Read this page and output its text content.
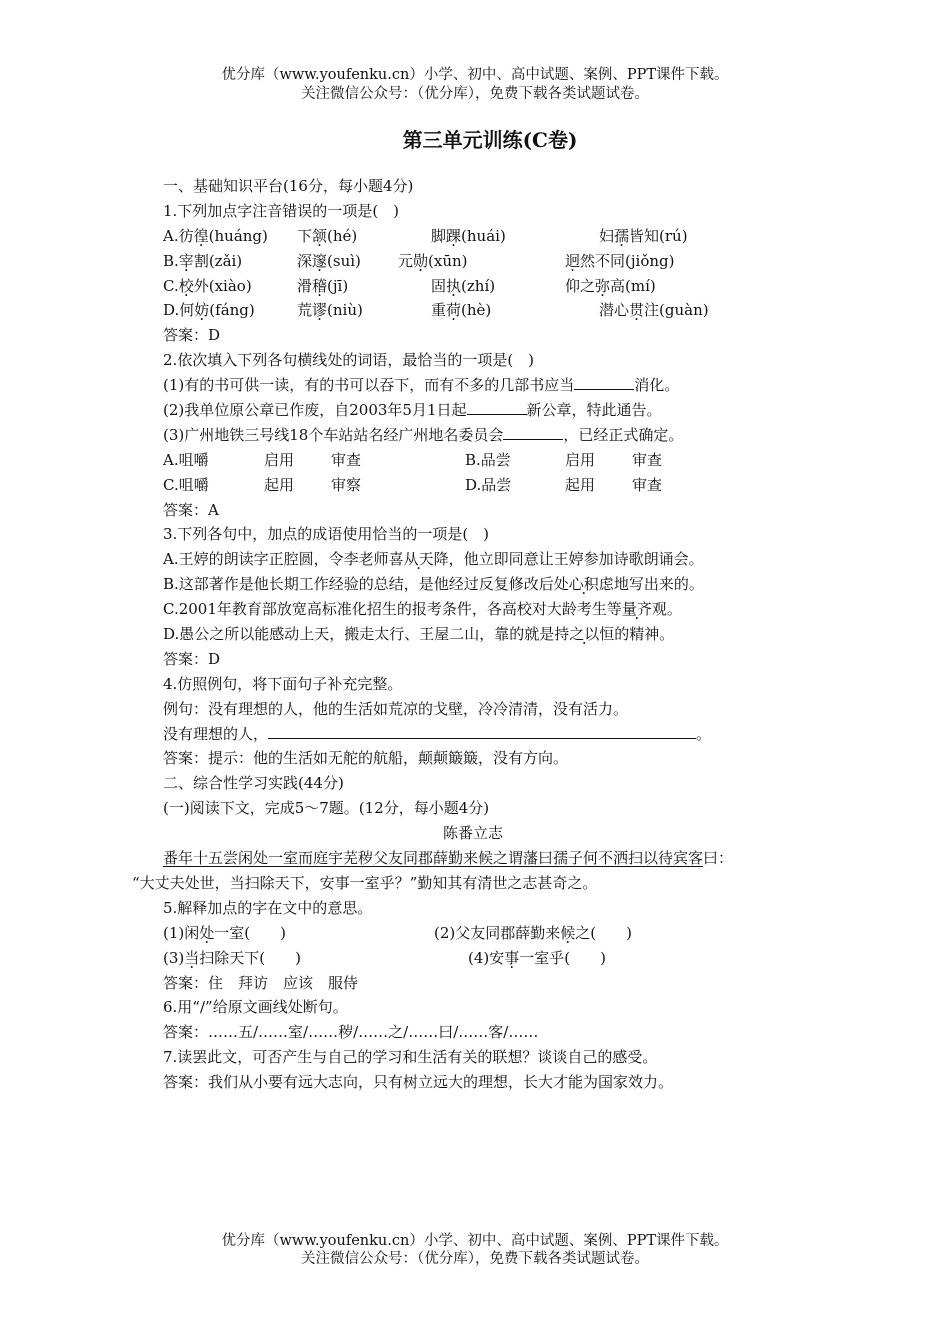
优分库（www.youfenku.cn）小学、初中、高中试题、案例、PPT课件下载。
关注微信公众号：（优分库），免费下载各类试题试卷。
第三单元训练(C卷)
一、基础知识平台(16分，每小题4分)
1.下列加点字注音错误的一项是(　)
A.彷徨(huáng) 下颔(hé)	脚踝(huái)	妇孺皆知(rú)
B.宰割(zǎi)	深邃(suì) 元勋(xūn)	迥然不同(jiǒng)
C.校外(xiào)	滑稽(jī)	固执(zhí)	仰之弥高(mí)
D.何妨(fáng)	荒谬(niù)	重荷(hè)	潜心贯注(guàn)
答案：D
2.依次填入下列各句横线处的词语，最恰当的一项是(　)
(1)有的书可供一读，有的书可以吞下，而有不多的几部书应当	消化。
(2)我单位原公章已作废，自2003年5月1日起	新公章，特此通告。
(3)广州地铁三号线18个车站站名经广州地名委员会	，已经正式确定。
A.咀嚼	启用 审查	B.品尝	启用 审查
C.咀嚼	起用 审察	D.品尝	起用 审查
答案：A
3.下列各句中，加点的成语使用恰当的一项是(　)
A.王婷的朗读字正腔圆，令李老师喜从天降，他立即同意让王婷参加诗歌朗诵会。
B.这部著作是他长期工作经验的总结，是他经过反复修改后处心积虑地写出来的。
C.2001年教育部放宽高标准化招生的报考条件，各高校对大龄考生等量齐观。
D.愚公之所以能感动上天，搬走太行、王屋二山，靠的就是持之以恒的精神。
答案：D
4.仿照例句，将下面句子补充完整。
例句：没有理想的人，他的生活如荒凉的戈壁，冷冷清清，没有活力。
没有理想的人，	。
答案：提示：他的生活如无舵的航船，颠颠簸簸，没有方向。
二、综合性学习实践(44分)
(一)阅读下文，完成5～7题。(12分，每小题4分)
陈番立志
番年十五尝闲处一室而庭宇芜秽父友同郡薛勤来候之谓藩曰孺子何不洒扫以待宾客曰：
“大丈夫处世，当扫除天下，安事一室乎？”勤知其有清世之志甚奇之。
5.解释加点的字在文中的意思。
(1)闲处一室(　　)	(2)父友同郡薛勤来候之(　　)
(3)当扫除天下(　　)	(4)安事一室乎(　　)
答案：住　拜访　应该　服侍
6.用“/”给原文画线处断句。
答案：……五/……室/……秽/……之/……曰/……客/……
7.读罢此文，可否产生与自己的学习和生活有关的联想？谈谈自己的感受。
答案：我们从小要有远大志向，只有树立远大的理想，长大才能为国家效力。
优分库（www.youfenku.cn）小学、初中、高中试题、案例、PPT课件下载。
关注微信公众号：（优分库），免费下载各类试题试卷。
